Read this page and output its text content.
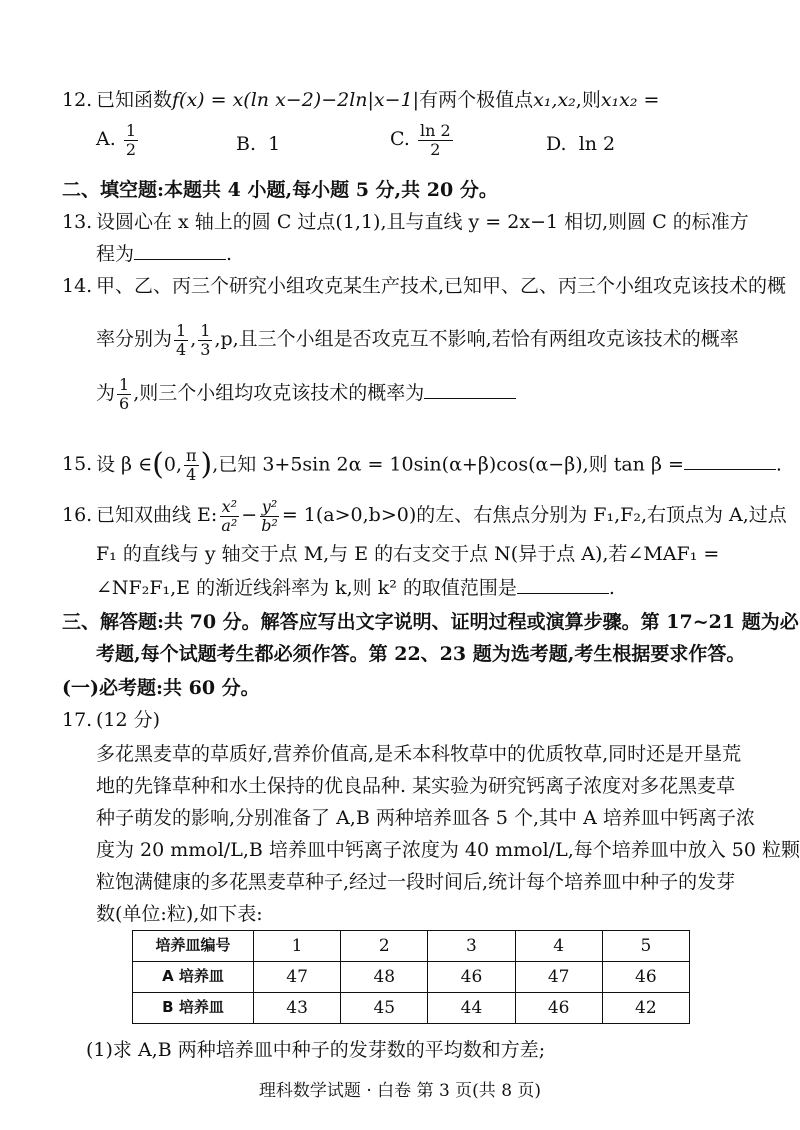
12. 已知函数f(x) = x(ln x−2)−2ln|x−1|有两个极值点x₁,x₂,则x₁x₂ =
A. $\frac{1}{2}$	B. 1	C. $\frac{\ln 2}{2}$	D. ln 2
二、填空题:本题共 4 小题,每小题 5 分,共 20 分。
13. 设圆心在 x 轴上的圆 C 过点(1,1),且与直线 y = 2x−1 相切,则圆 C 的标准方
程为	.
14. 甲、乙、丙三个研究小组攻克某生产技术,已知甲、乙、丙三个小组攻克该技术的概
率分别为 $\frac{1}{4}$ , $\frac{1}{3} ,p$,且三个小组是否攻克互不影响,若恰有两组攻克该技术的概率
为 $\frac{1}{6}$ ,则三个小组均攻克该技术的概率为
15. 设 β ∈(0, $\frac{\pi}{4}$ ),已知 3+5sin 2α = 10sin(α+β)cos(α−β),则 tan β =	.
16. 已知双曲线 E: $\frac{\text{x²}}{\text{a²}} - \frac{\text{y²}}{\text{b²}} = 1(a>0,b>0)$的左、右焦点分别为 F₁,F₂,右顶点为 A,过点
F₁ 的直线与 y 轴交于点 M,与 E 的右支交于点 N(异于点 A),若∠MAF₁ =
∠NF₂F₁,E 的渐近线斜率为 k,则 k² 的取值范围是	.
三、解答题:共 70 分。解答应写出文字说明、证明过程或演算步骤。第 17~21 题为必
考题,每个试题考生都必须作答。第 22、23 题为选考题,考生根据要求作答。
(一)必考题:共 60 分。
17. (12 分)
多花黑麦草的草质好,营养价值高,是禾本科牧草中的优质牧草,同时还是开垦荒
地的先锋草种和水土保持的优良品种. 某实验为研究钙离子浓度对多花黑麦草
种子萌发的影响,分别准备了 A,B 两种培养皿各 5 个,其中 A 培养皿中钙离子浓
度为 20 mmol/L,B 培养皿中钙离子浓度为 40 mmol/L,每个培养皿中放入 50 粒颗
粒饱满健康的多花黑麦草种子,经过一段时间后,统计每个培养皿中种子的发芽
数(单位:粒),如下表:
培养皿编号	1	2	3	4	5
A 培养皿	47	48	46	47	46
B 培养皿	43	45	44	46	42
(1)求 A,B 两种培养皿中种子的发芽数的平均数和方差;
理科数学试题 · 白卷 第 3 页(共 8 页)
